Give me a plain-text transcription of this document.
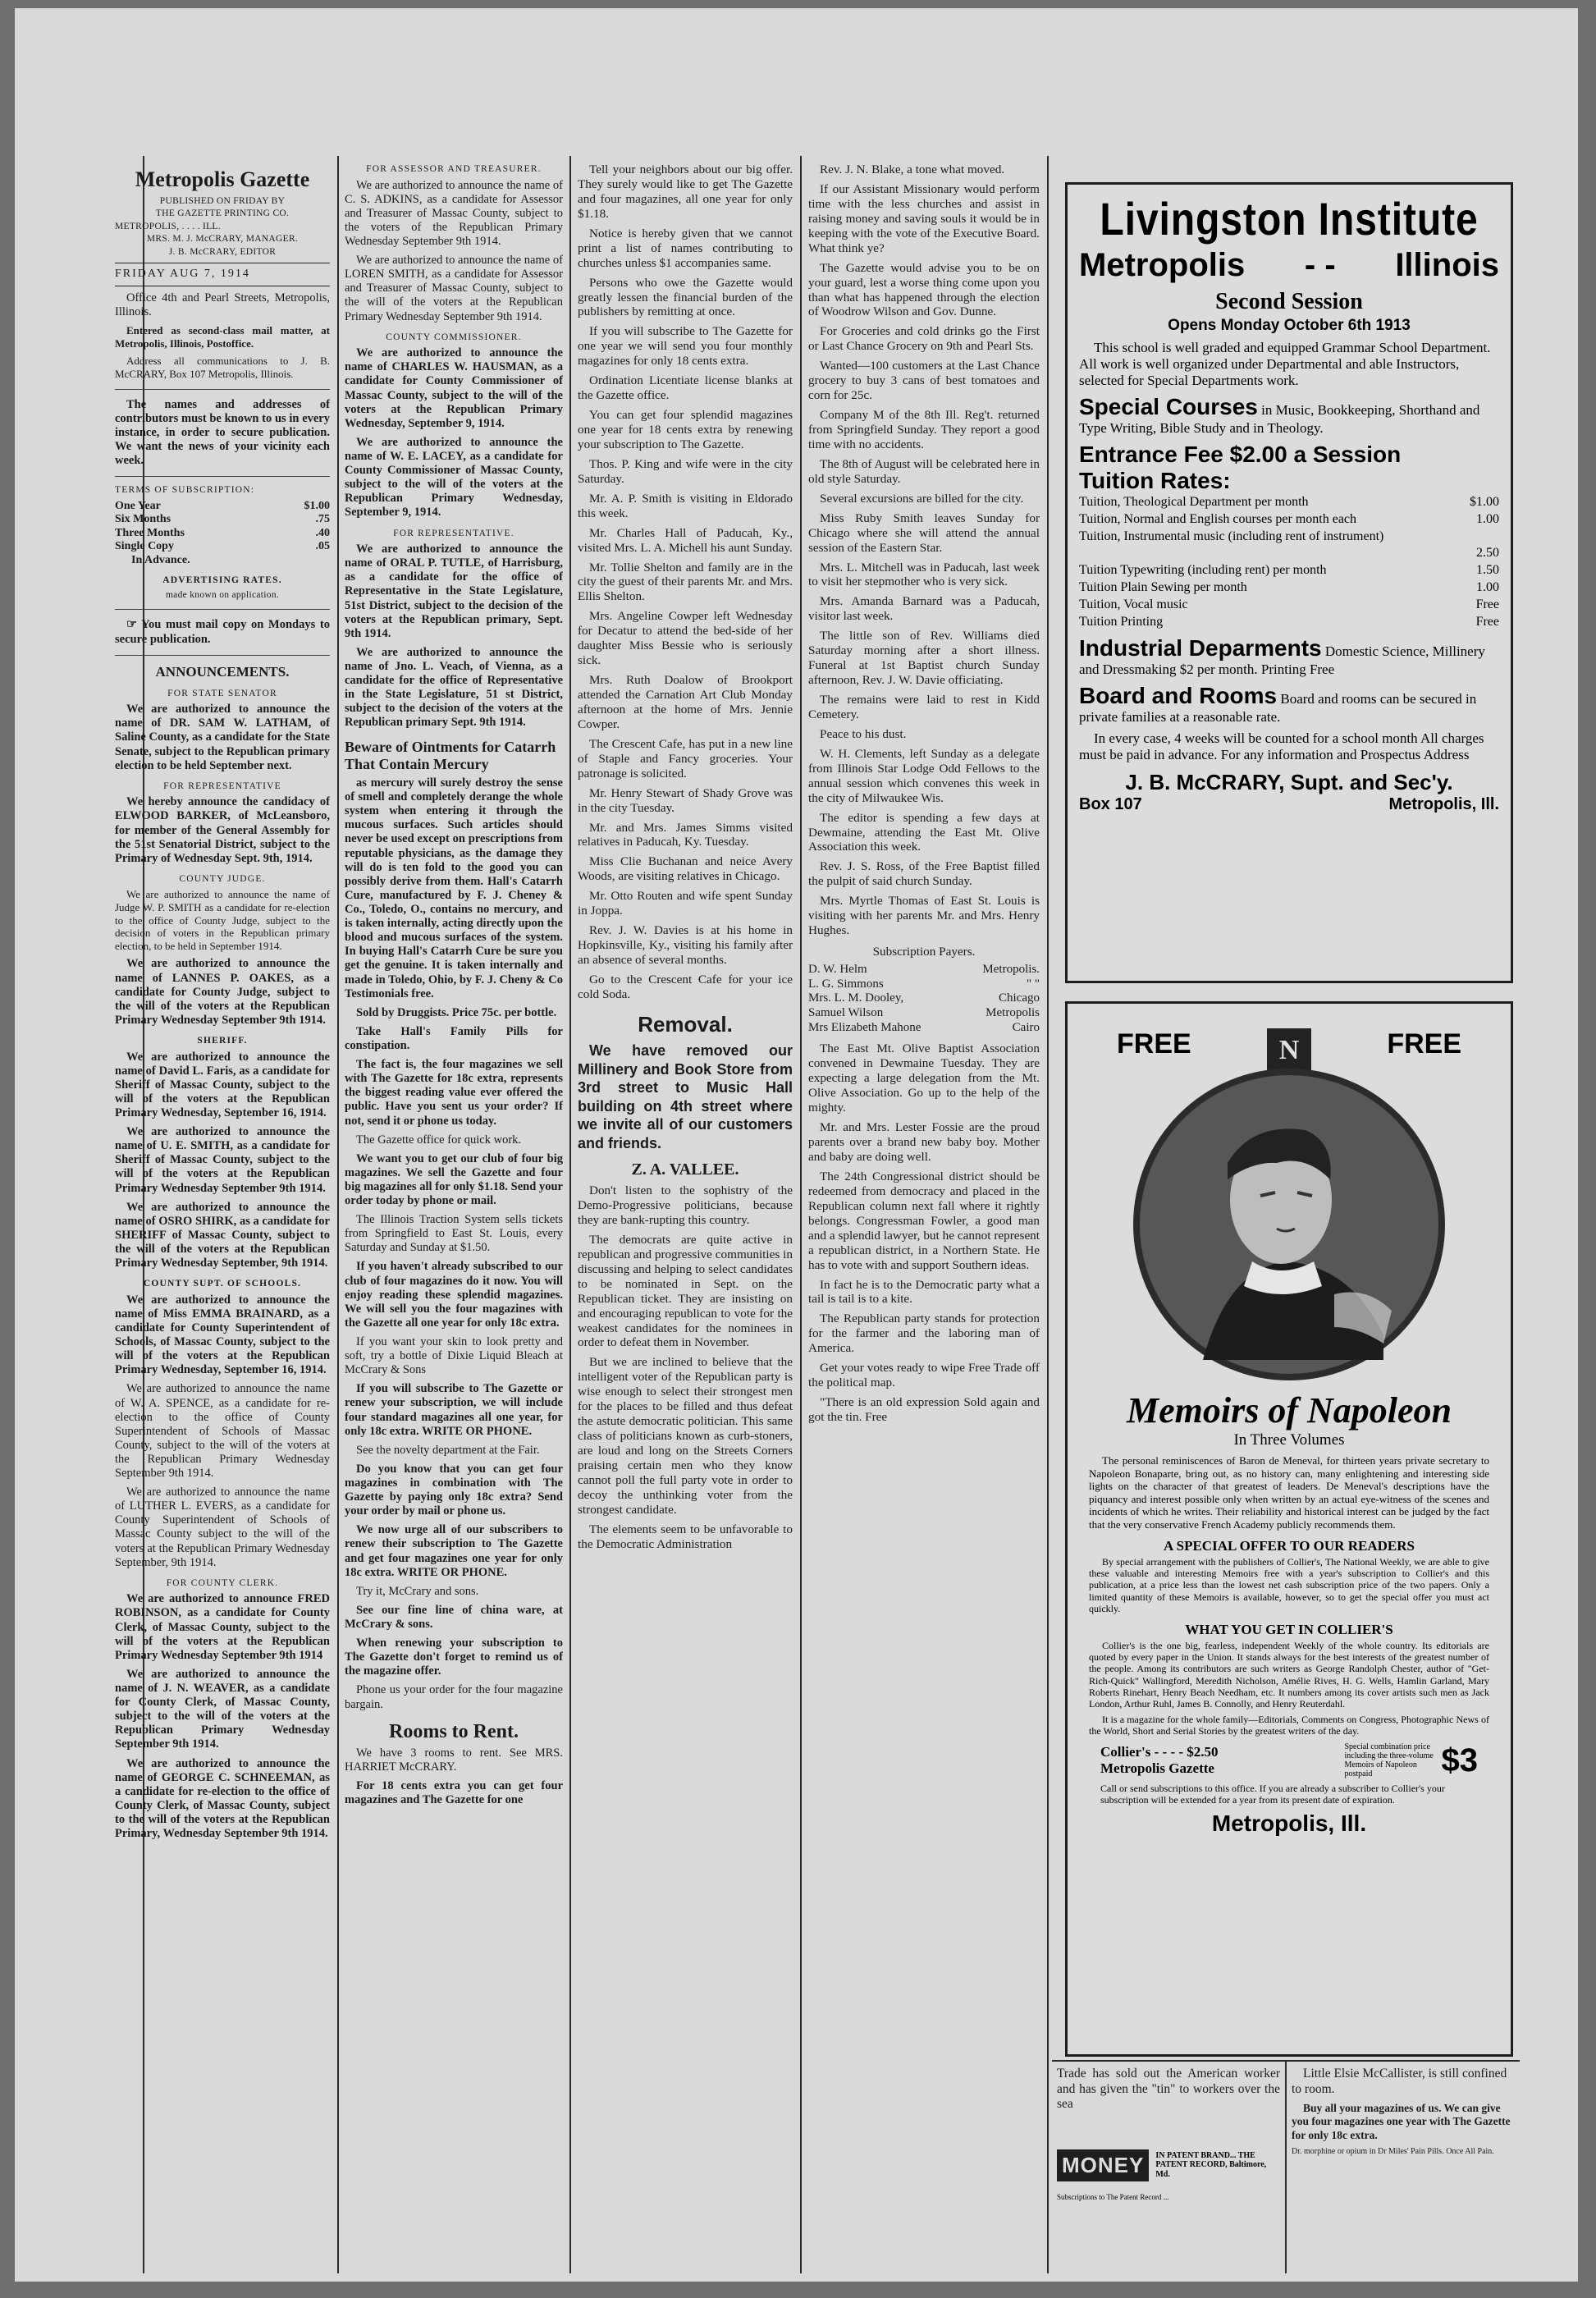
Metropolis Gazette
PUBLISHED ON FRIDAY BY
THE GAZETTE PRINTING CO.
METROPOLIS, . . . . ILL.
MRS. M. J. McCRARY, MANAGER.
J. B. McCRARY, EDITOR
FRIDAY AUG 7, 1914

Office 4th and Pearl Streets, Metropolis, Illinois.

Entered as second-class mail matter, at Metropolis, Illinois, Postoffice.

Address all communications to J. B. McCRARY, Box 107 Metropolis, Illinois.

The names and addresses of contributors must be known to us in every instance, in order to secure publication. We want the news of your vicinity each week.

TERMS OF SUBSCRIPTION:
One Year	$1.00
Six Months	.75
Three Months	.40
Single Copy	.05
In Advance.	
ADVERTISING RATES.
made known on application.

☞ You must mail copy on Mondays to secure publication.

ANNOUNCEMENTS.
FOR STATE SENATOR

We are authorized to announce the name of DR. SAM W. LATHAM, of Saline County, as a candidate for the State Senate, subject to the Republican primary election to be held September next.

FOR REPRESENTATIVE

We hereby announce the candidacy of ELWOOD BARKER, of McLeansboro, for member of the General Assembly for the 51st Senatorial District, subject to the Primary of Wednesday Sept. 9th, 1914.

COUNTY JUDGE.

We are authorized to announce the name of Judge W. P. SMITH as a candidate for re-election to the office of County Judge, subject to the decision of voters in the Republican primary election, to be held in September 1914.

We are authorized to announce the name of LANNES P. OAKES, as a candidate for County Judge, subject to the will of the voters at the Republican Primary Wednesday September 9th 1914.

SHERIFF.

We are authorized to announce the name of David L. Faris, as a candidate for Sheriff of Massac County, subject to the will of the voters at the Republican Primary Wednesday, September 16, 1914.

We are authorized to announce the name of U. E. SMITH, as a candidate for Sheriff of Massac County, subject to the will of the voters at the Republican Primary Wednesday September 9th 1914.

We are authorized to announce the name of OSRO SHIRK, as a candidate for SHERIFF of Massac County, subject to the will of the voters at the Republican Primary Wednesday September, 9th 1914.

COUNTY SUPT. OF SCHOOLS.

We are authorized to announce the name of Miss EMMA BRAINARD, as a candidate for County Superintendent of Schools, of Massac County, subject to the will of the voters at the Republican Primary Wednesday, September 16, 1914.

We are authorized to announce the name of W. A. SPENCE, as a candidate for re-election to the office of County Superintendent of Schools of Massac County, subject to the will of the voters at the Republican Primary Wednesday September 9th 1914.

We are authorized to announce the name of LUTHER L. EVERS, as a candidate for County Superintendent of Schools of Massac County subject to the will of the voters at the Republican Primary Wednesday September, 9th 1914.

FOR COUNTY CLERK.

We are authorized to announce FRED ROBINSON, as a candidate for County Clerk, of Massac County, subject to the will of the voters at the Republican Primary Wednesday September 9th 1914

We are authorized to announce the name of J. N. WEAVER, as a candidate for County Clerk, of Massac County, subject to the will of the voters at the Republican Primary Wednesday September 9th 1914.

We are authorized to announce the name of GEORGE C. SCHNEEMAN, as a candidate for re-election to the office of County Clerk, of Massac County, subject to the will of the voters at the Republican Primary, Wednesday September 9th 1914.

FOR ASSESSOR AND TREASURER.

We are authorized to announce the name of C. S. ADKINS, as a candidate for Assessor and Treasurer of Massac County, subject to the voters of the Republican Primary Wednesday September 9th 1914.

We are authorized to announce the name of LOREN SMITH, as a candidate for Assessor and Treasurer of Massac County, subject to the will of the voters at the Republican Primary Wednesday September 9th 1914.

COUNTY COMMISSIONER.

We are authorized to announce the name of CHARLES W. HAUSMAN, as a candidate for County Commissioner of Massac County, subject to the will of the voters at the Republican Primary Wednesday, September 9, 1914.

We are authorized to announce the name of W. E. LACEY, as a candidate for County Commissioner of Massac County, subject to the will of the voters at the Republican Primary Wednesday, September 9, 1914.

FOR REPRESENTATIVE.

We are authorized to announce the name of ORAL P. TUTLE, of Harrisburg, as a candidate for the office of Representative in the State Legislature, 51st District, subject to the decision of the voters at the Republican primary, Sept. 9th 1914.

We are authorized to announce the name of Jno. L. Veach, of Vienna, as a candidate for the office of Representative in the State Legislature, 51 st District, subject to the decision of the voters at the Republican primary Sept. 9th 1914.

Beware of Ointments for Catarrh That Contain Mercury

as mercury will surely destroy the sense of smell and completely derange the whole system when entering it through the mucous surfaces. Such articles should never be used except on prescriptions from reputable physicians, as the damage they will do is ten fold to the good you can possibly derive from them. Hall's Catarrh Cure, manufactured by F. J. Cheney & Co., Toledo, O., contains no mercury, and is taken internally, acting directly upon the blood and mucous surfaces of the system. In buying Hall's Catarrh Cure be sure you get the genuine. It is taken internally and made in Toledo, Ohio, by F. J. Cheny & Co Testimonials free.

Sold by Druggists. Price 75c. per bottle.

Take Hall's Family Pills for constipation.

The fact is, the four magazines we sell with The Gazette for 18c extra, represents the biggest reading value ever offered the public. Have you sent us your order? If not, send it or phone us today.

The Gazette office for quick work.

We want you to get our club of four big magazines. We sell the Gazette and four big magazines all for only $1.18. Send your order today by phone or mail.

The Illinois Traction System sells tickets from Springfield to East St. Louis, every Saturday and Sunday at $1.50.

If you haven't already subscribed to our club of four magazines do it now. You will enjoy reading these splendid magazines. We will sell you the four magazines with the Gazette all one year for only 18c extra.

If you want your skin to look pretty and soft, try a bottle of Dixie Liquid Bleach at McCrary & Sons

If you will subscribe to The Gazette or renew your subscription, we will include four standard magazines all one year, for only 18c extra. WRITE OR PHONE.

See the novelty department at the Fair.

Do you know that you can get four magazines in combination with The Gazette by paying only 18c extra? Send your order by mail or phone us.

We now urge all of our subscribers to renew their subscription to The Gazette and get four magazines one year for only 18c extra. WRITE OR PHONE.

Try it, McCrary and sons.

See our fine line of china ware, at McCrary & sons.

When renewing your subscription to The Gazette don't forget to remind us of the magazine offer.

Phone us your order for the four magazine bargain.

Rooms to Rent.

We have 3 rooms to rent. See MRS. HARRIET McCRARY.

For 18 cents extra you can get four magazines and The Gazette for one

Tell your neighbors about our big offer. They surely would like to get The Gazette and four magazines, all one year for only $1.18.

Notice is hereby given that we cannot print a list of names contributing to churches unless $1 accompanies same.

Persons who owe the Gazette would greatly lessen the financial burden of the publishers by remitting at once.

If you will subscribe to The Gazette for one year we will send you four monthly magazines for only 18 cents extra.

Ordination Licentiate license blanks at the Gazette office.

You can get four splendid magazines one year for 18 cents extra by renewing your subscription to The Gazette.

Thos. P. King and wife were in the city Saturday.

Mr. A. P. Smith is visiting in Eldorado this week.

Mr. Charles Hall of Paducah, Ky., visited Mrs. L. A. Michell his aunt Sunday.

Mr. Tollie Shelton and family are in the city the guest of their parents Mr. and Mrs. Ellis Shelton.

Mrs. Angeline Cowper left Wednesday for Decatur to attend the bed-side of her daughter Miss Bessie who is seriously sick.

Mrs. Ruth Doalow of Brookport attended the Carnation Art Club Monday afternoon at the home of Mrs. Jennie Cowper.

The Crescent Cafe, has put in a new line of Staple and Fancy groceries. Your patronage is solicited.

Mr. Henry Stewart of Shady Grove was in the city Tuesday.

Mr. and Mrs. James Simms visited relatives in Paducah, Ky. Tuesday.

Miss Clie Buchanan and neice Avery Woods, are visiting relatives in Chicago.

Mr. Otto Routen and wife spent Sunday in Joppa.

Rev. J. W. Davies is at his home in Hopkinsville, Ky., visiting his family after an absence of several months.

Go to the Crescent Cafe for your ice cold Soda.

Removal.

We have removed our Millinery and Book Store from 3rd street to Music Hall building on 4th street where we invite all of our customers and friends.

Z. A. VALLEE.

Don't listen to the sophistry of the Demo-Progressive politicians, because they are bank-rupting this country.

The democrats are quite active in republican and progressive communities in discussing and helping to select candidates to be nominated in Sept. on the Republican ticket. They are insisting on and encouraging republican to vote for the weakest candidates for the nominees in order to defeat them in November.

But we are inclined to believe that the intelligent voter of the Republican party is wise enough to select their strongest men for the places to be filled and thus defeat the astute democratic politician. This same class of politicians known as curb-stoners, are loud and long on the Streets Corners praising certain men who they know cannot poll the full party vote in order to decoy the unthinking voter from the strongest candidate.

The elements seem to be unfavorable to the Democratic Administration

Rev. J. N. Blake, a tone what moved.

If our Assistant Missionary would perform time with the less churches and assist in raising money and saving souls it would be in keeping with the vote of the Executive Board. What think ye?

The Gazette would advise you to be on your guard, lest a worse thing come upon you than what has happened through the election of Woodrow Wilson and Gov. Dunne.

For Groceries and cold drinks go the First or Last Chance Grocery on 9th and Pearl Sts.

Wanted—100 customers at the Last Chance grocery to buy 3 cans of best tomatoes and corn for 25c.

Company M of the 8th Ill. Reg't. returned from Springfield Sunday. They report a good time with no accidents.

The 8th of August will be celebrated here in old style Saturday.

Several excursions are billed for the city.

Miss Ruby Smith leaves Sunday for Chicago where she will attend the annual session of the Eastern Star.

Mrs. L. Mitchell was in Paducah, last week to visit her stepmother who is very sick.

Mrs. Amanda Barnard was a Paducah, visitor last week.

The little son of Rev. Williams died Saturday morning after a short illness. Funeral at 1st Baptist church Sunday afternoon, Rev. J. W. Davie officiating.

The remains were laid to rest in Kidd Cemetery.

Peace to his dust.

W. H. Clements, left Sunday as a delegate from Illinois Star Lodge Odd Fellows to the annual session which convenes this week in the city of Milwaukee Wis.

The editor is spending a few days at Dewmaine, attending the East Mt. Olive Association this week.

Rev. J. S. Ross, of the Free Baptist filled the pulpit of said church Sunday.

Mrs. Myrtle Thomas of East St. Louis is visiting with her parents Mr. and Mrs. Henry Hughes.

Subscription Payers.
D. W. Helm	Metropolis.
L. G. Simmons	" "
Mrs. L. M. Dooley,	Chicago
Samuel Wilson	Metropolis
Mrs Elizabeth Mahone	Cairo

The East Mt. Olive Baptist Association convened in Dewmaine Tuesday. They are expecting a large delegation from the Mt. Olive Association. Go up to the help of the mighty.

Mr. and Mrs. Lester Fossie are the proud parents over a brand new baby boy. Mother and baby are doing well.

The 24th Congressional district should be redeemed from democracy and placed in the Republican column next fall where it rightly belongs. Congressman Fowler, a good man and a splendid lawyer, but he cannot represent a republican district, in a Northern State. He has to vote with and support Southern ideas.

In fact he is to the Democratic party what a tail is tail is to a kite.

The Republican party stands for protection for the farmer and the laboring man of America.

Get your votes ready to wipe Free Trade off the political map.

"There is an old expression Sold again and got the tin. Free

Livingston Institute
Metropolis - - Illinois
Second Session
Opens Monday October 6th 1913
This school is well graded and equipped Grammar School Department. All work is well organized under Departmental and able Instructors, selected for Special Departments work.
Special Courses in Music, Bookkeeping, Shorthand and Type Writing, Bible Study and in Theology.
Entrance Fee $2.00 a Session
Tuition Rates:
Tuition, Theological Department per month	$1.00
Tuition, Normal and English courses per month each	1.00
Tuition, Instrumental music (including rent of instrument)
2.50
Tuition Typewriting (including rent) per month	1.50
Tuition Plain Sewing per month	1.00
Tuition, Vocal music	Free
Tuition Printing	Free
Industrial Deparments Domestic Science, Millinery and Dressmaking $2 per month. Printing Free
Board and Rooms Board and rooms can be secured in private families at a reasonable rate.
In every case, 4 weeks will be counted for a school month All charges must be paid in advance. For any information and Prospectus Address
J. B. McCRARY, Supt. and Sec'y.
Box 107	Metropolis, Ill.
FREE	N	FREE
Memoirs of Napoleon
In Three Volumes
The personal reminiscences of Baron de Meneval, for thirteen years private secretary to Napoleon Bonaparte, bring out, as no history can, many enlightening and interesting side lights on the character of that greatest of leaders. De Meneval's descriptions have the piquancy and interest possible only when written by an actual eye-witness of the scenes and incidents of which he writes. Their reliability and historical interest can be judged by the fact that the very conservative French Academy publicly recommends them.
A SPECIAL OFFER TO OUR READERS
By special arrangement with the publishers of Collier's, The National Weekly, we are able to give these valuable and interesting Memoirs free with a year's subscription to Collier's and this publication, at a price less than the lowest net cash subscription price of the two papers. Only a limited quantity of these Memoirs is available, however, so to get the special offer you must act quickly.
WHAT YOU GET IN COLLIER'S
Collier's is the one big, fearless, independent Weekly of the whole country. Its editorials are quoted by every paper in the Union. It stands always for the best interests of the greatest number of the people. Among its contributors are such writers as George Randolph Chester, author of "Get-Rich-Quick" Wallingford, Meredith Nicholson, Amélie Rives, H. G. Wells, Hamlin Garland, Mary Roberts Rinehart, Henry Beach Needham, etc. It numbers among its cover artists such men as Jack London, Arthur Ruhl, James B. Connolly, and Henry Reuterdahl.
It is a magazine for the whole family—Editorials, Comments on Congress, Photographic News of the World, Short and Serial Stories by the greatest writers of the day.
Collier's - - - - $2.50
Metropolis Gazette
Special combination price including the three-volume Memoirs of Napoleon postpaid	$3
Call or send subscriptions to this office. If you are already a subscriber to Collier's your subscription will be extended for a year from its present date of expiration.
Metropolis, Ill.
Trade has sold out the American worker and has given the "tin" to workers over the sea
MONEY	IN PATENT BRAND... THE PATENT RECORD, Baltimore, Md.
Subscriptions to The Patent Record ...
Little Elsie McCallister, is still confined to room.
Buy all your magazines of us. We can give you four magazines one year with The Gazette for only 18c extra.
Dr. morphine or opium in Dr Miles' Pain Pills. Once All Pain.
